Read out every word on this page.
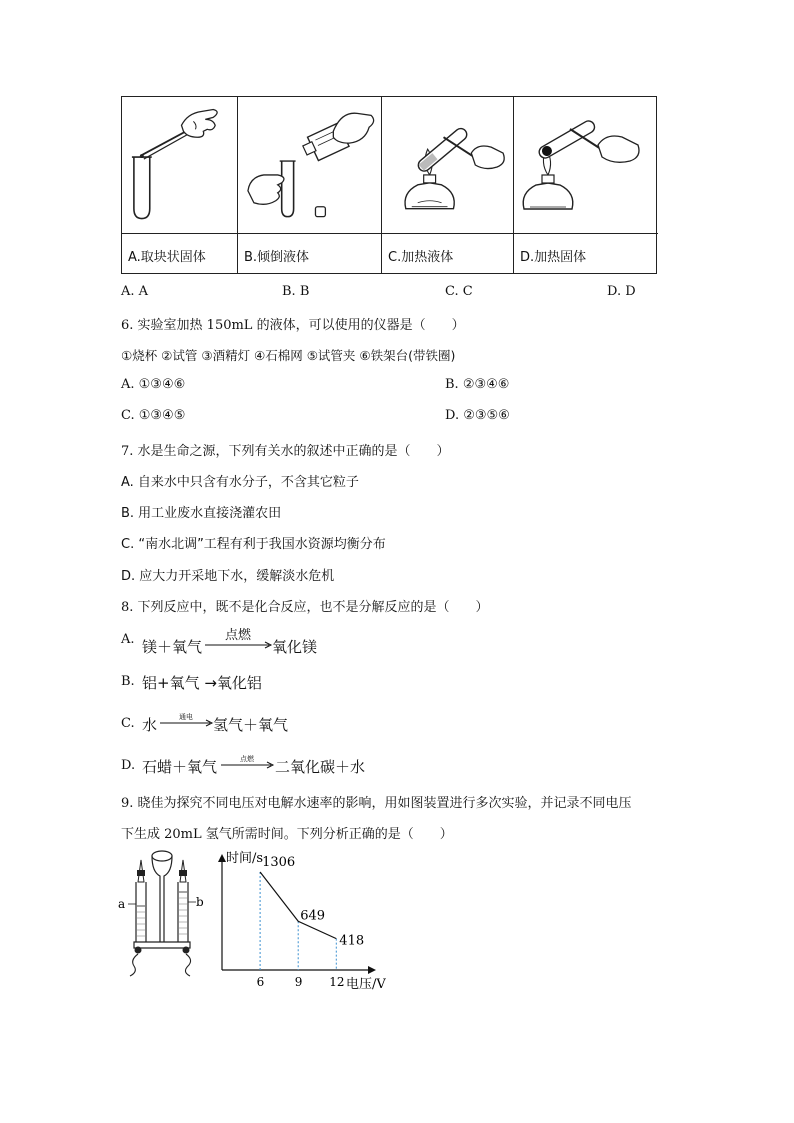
A.取块状固体	B.倾倒液体	C.加热液体	D.加热固体
A. A	B. B	C. C	D. D
6. 实验室加热 150mL 的液体，可以使用的仪器是（　　）
①烧杯 ②试管 ③酒精灯 ④石棉网 ⑤试管夹 ⑥铁架台(带铁圈)
A. ①③④⑥	B. ②③④⑥
C. ①③④⑤	D. ②③⑤⑥
7. 水是生命之源，下列有关水的叙述中正确的是（　　）
A. 自来水中只含有水分子，不含其它粒子
B. 用工业废水直接浇灌农田
C. “南水北调”工程有利于我国水资源均衡分布
D. 应大力开采地下水，缓解淡水危机
8. 下列反应中，既不是化合反应，也不是分解反应的是（　　）
A. 镁＋氧气
点燃
氧化镁
B. 铝+氧气 →氧化铝
C. 水	通电	氢气＋氧气
D. 石蜡＋氧气	点燃	二氧化碳＋水
9. 晓佳为探究不同电压对电解水速率的影响，用如图装置进行多次实验，并记录不同电压
下生成 20mL 氢气所需时间。下列分析正确的是（　　）
a	b
时间/s
电压/V
6	9 12
1306
649
418
